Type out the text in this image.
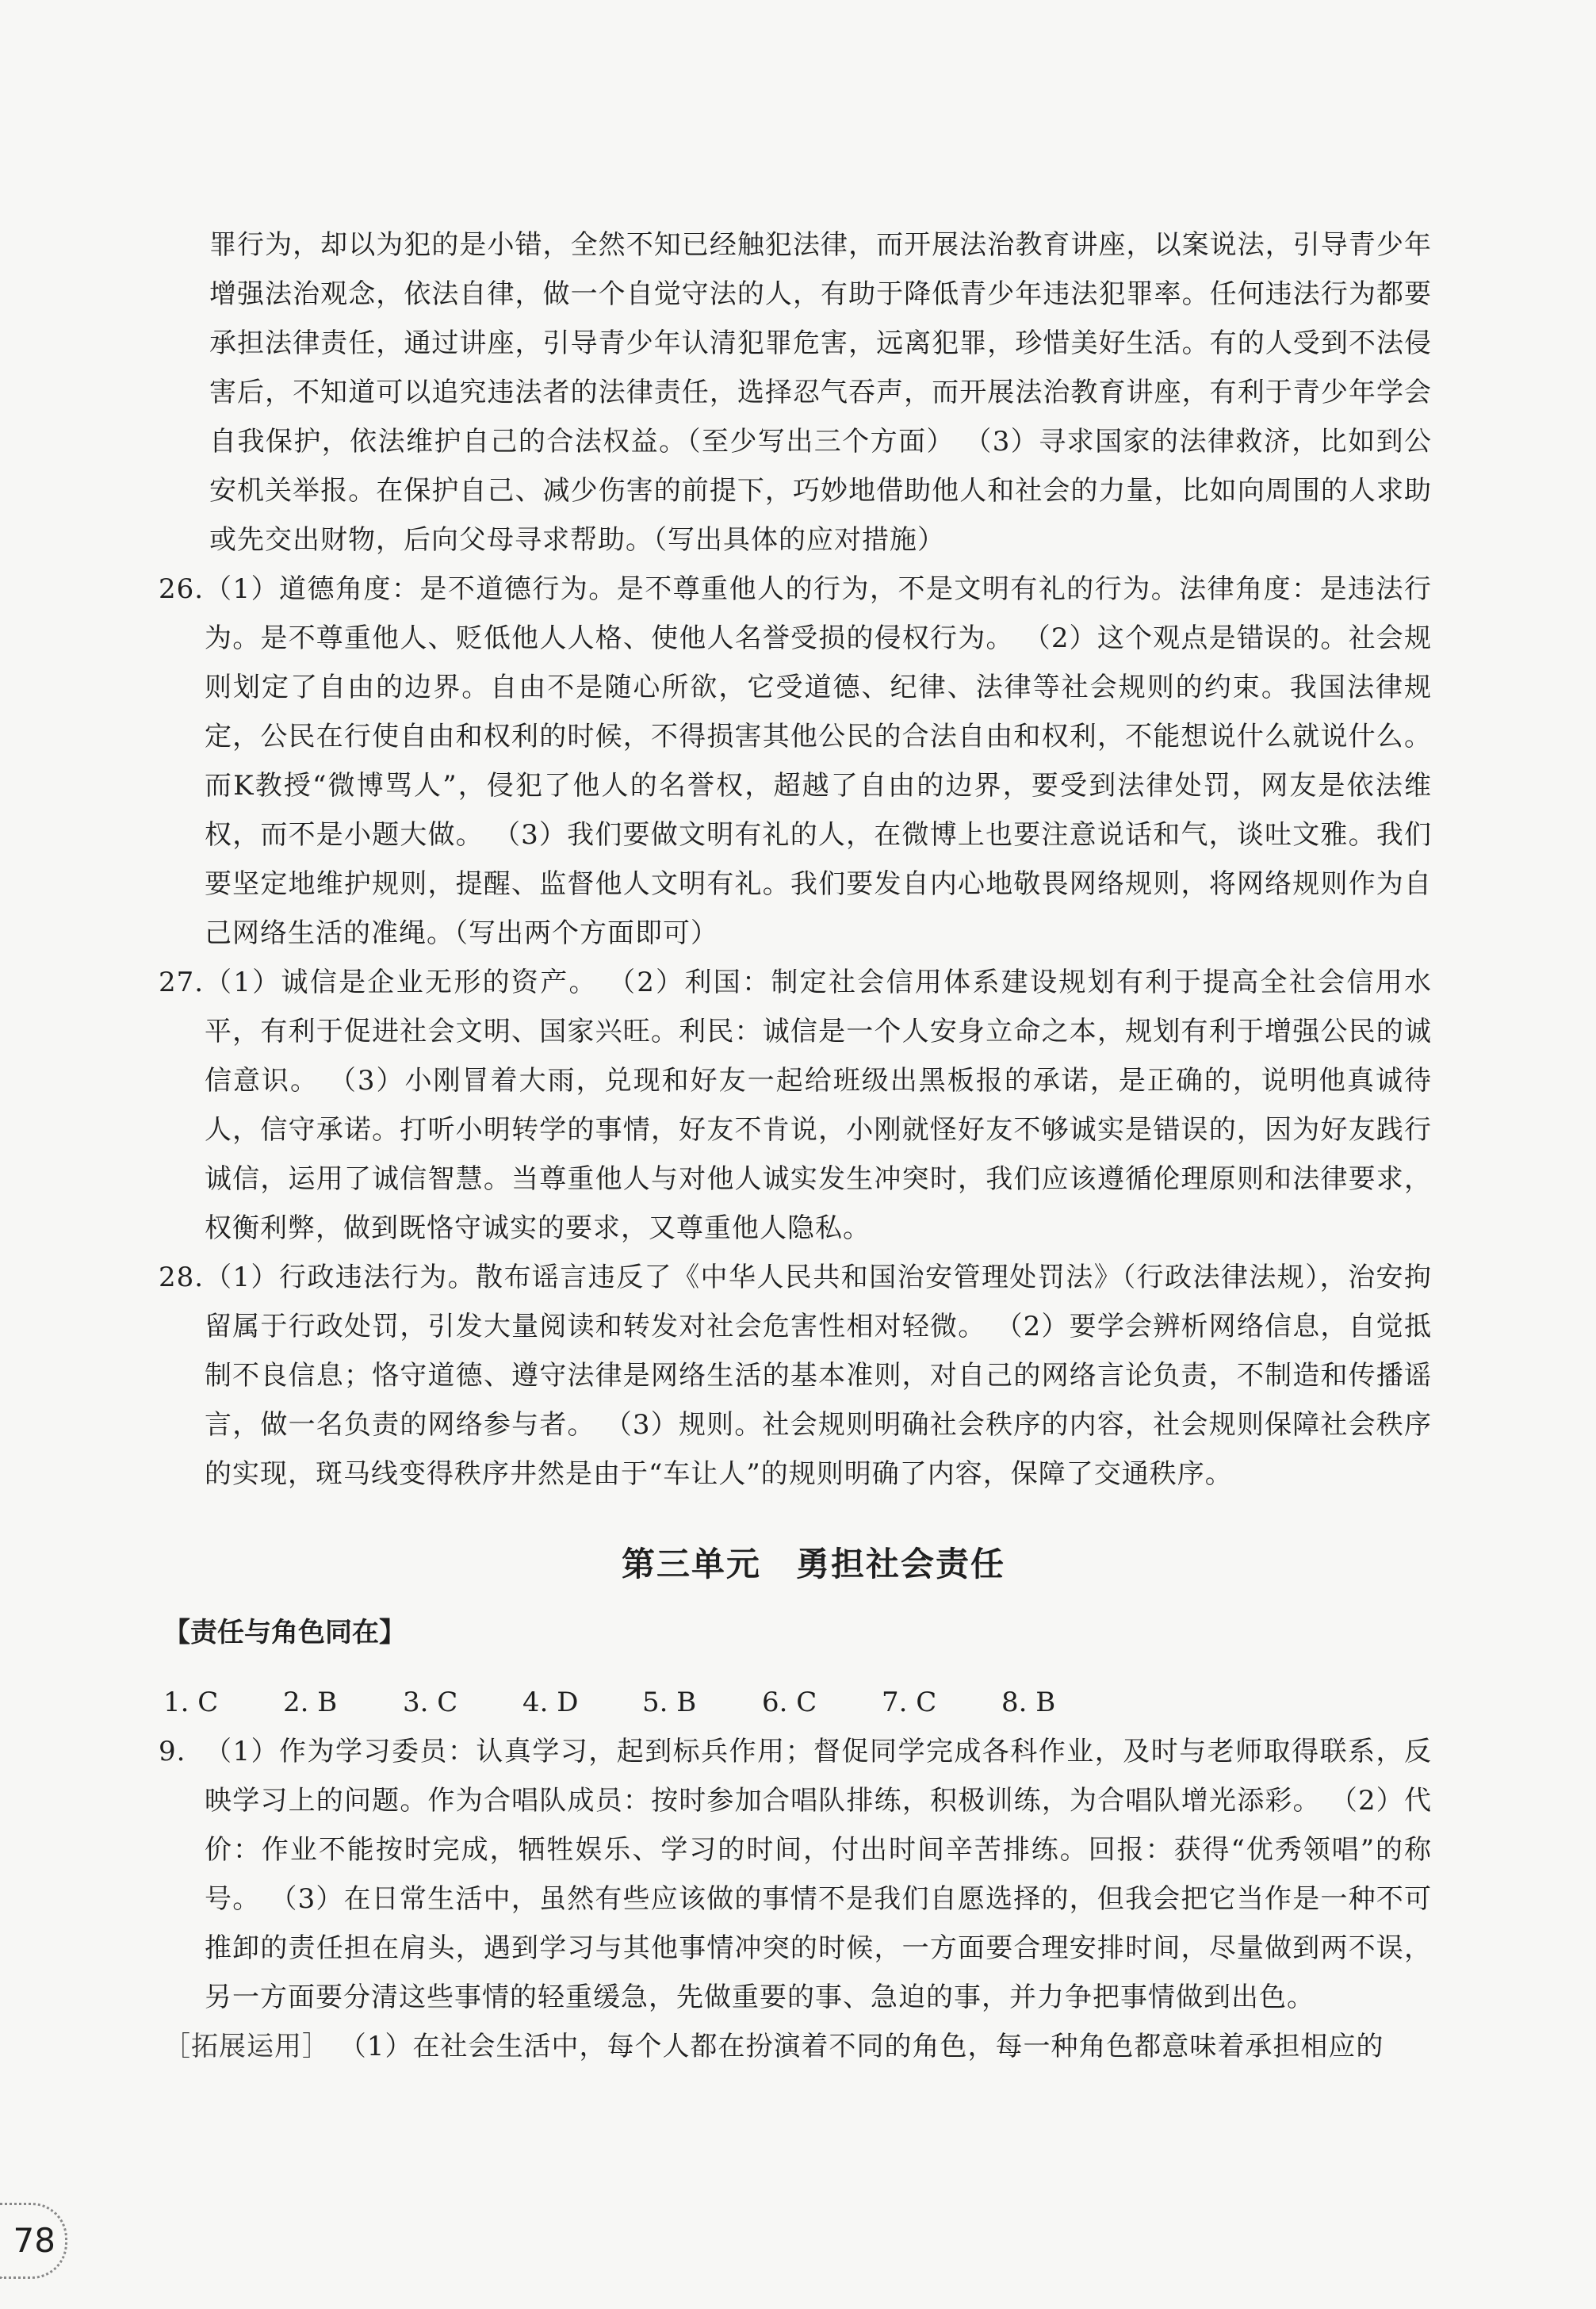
罪行为，却以为犯的是小错，全然不知已经触犯法律，而开展法治教育讲座，以案说法，引导青少年增强法治观念，依法自律，做一个自觉守法的人，有助于降低青少年违法犯罪率。任何违法行为都要承担法律责任，通过讲座，引导青少年认清犯罪危害，远离犯罪，珍惜美好生活。有的人受到不法侵害后，不知道可以追究违法者的法律责任，选择忍气吞声，而开展法治教育讲座，有利于青少年学会自我保护，依法维护自己的合法权益。（至少写出三个方面） （3）寻求国家的法律救济，比如到公安机关举报。在保护自己、减少伤害的前提下，巧妙地借助他人和社会的力量，比如向周围的人求助或先交出财物，后向父母寻求帮助。（写出具体的应对措施）

26. （1）道德角度：是不道德行为。是不尊重他人的行为，不是文明有礼的行为。法律角度：是违法行为。是不尊重他人、贬低他人人格、使他人名誉受损的侵权行为。 （2）这个观点是错误的。社会规则划定了自由的边界。自由不是随心所欲，它受道德、纪律、法律等社会规则的约束。我国法律规定，公民在行使自由和权利的时候，不得损害其他公民的合法自由和权利，不能想说什么就说什么。而K教授“微博骂人”，侵犯了他人的名誉权，超越了自由的边界，要受到法律处罚，网友是依法维权，而不是小题大做。 （3）我们要做文明有礼的人，在微博上也要注意说话和气，谈吐文雅。我们要坚定地维护规则，提醒、监督他人文明有礼。我们要发自内心地敬畏网络规则，将网络规则作为自己网络生活的准绳。（写出两个方面即可）

27. （1）诚信是企业无形的资产。 （2）利国：制定社会信用体系建设规划有利于提高全社会信用水平，有利于促进社会文明、国家兴旺。利民：诚信是一个人安身立命之本，规划有利于增强公民的诚信意识。 （3）小刚冒着大雨，兑现和好友一起给班级出黑板报的承诺，是正确的，说明他真诚待人，信守承诺。打听小明转学的事情，好友不肯说，小刚就怪好友不够诚实是错误的，因为好友践行诚信，运用了诚信智慧。当尊重他人与对他人诚实发生冲突时，我们应该遵循伦理原则和法律要求，权衡利弊，做到既恪守诚实的要求，又尊重他人隐私。

28. （1）行政违法行为。散布谣言违反了《中华人民共和国治安管理处罚法》（行政法律法规），治安拘留属于行政处罚，引发大量阅读和转发对社会危害性相对轻微。 （2）要学会辨析网络信息，自觉抵制不良信息；恪守道德、遵守法律是网络生活的基本准则，对自己的网络言论负责，不制造和传播谣言，做一名负责的网络参与者。 （3）规则。社会规则明确社会秩序的内容，社会规则保障社会秩序的实现，斑马线变得秩序井然是由于“车让人”的规则明确了内容，保障了交通秩序。

第三单元　勇担社会责任
【责任与角色同在】
1. C	2. B	3. C	4. D	5. B	6. C	7. C	8. B
9. （1）作为学习委员：认真学习，起到标兵作用；督促同学完成各科作业，及时与老师取得联系，反映学习上的问题。作为合唱队成员：按时参加合唱队排练，积极训练，为合唱队增光添彩。 （2）代价：作业不能按时完成，牺牲娱乐、学习的时间，付出时间辛苦排练。回报：获得“优秀领唱”的称号。 （3）在日常生活中，虽然有些应该做的事情不是我们自愿选择的，但我会把它当作是一种不可推卸的责任担在肩头，遇到学习与其他事情冲突的时候，一方面要合理安排时间，尽量做到两不误，另一方面要分清这些事情的轻重缓急，先做重要的事、急迫的事，并力争把事情做到出色。

［拓展运用］ （1）在社会生活中，每个人都在扮演着不同的角色，每一种角色都意味着承担相应的

78
